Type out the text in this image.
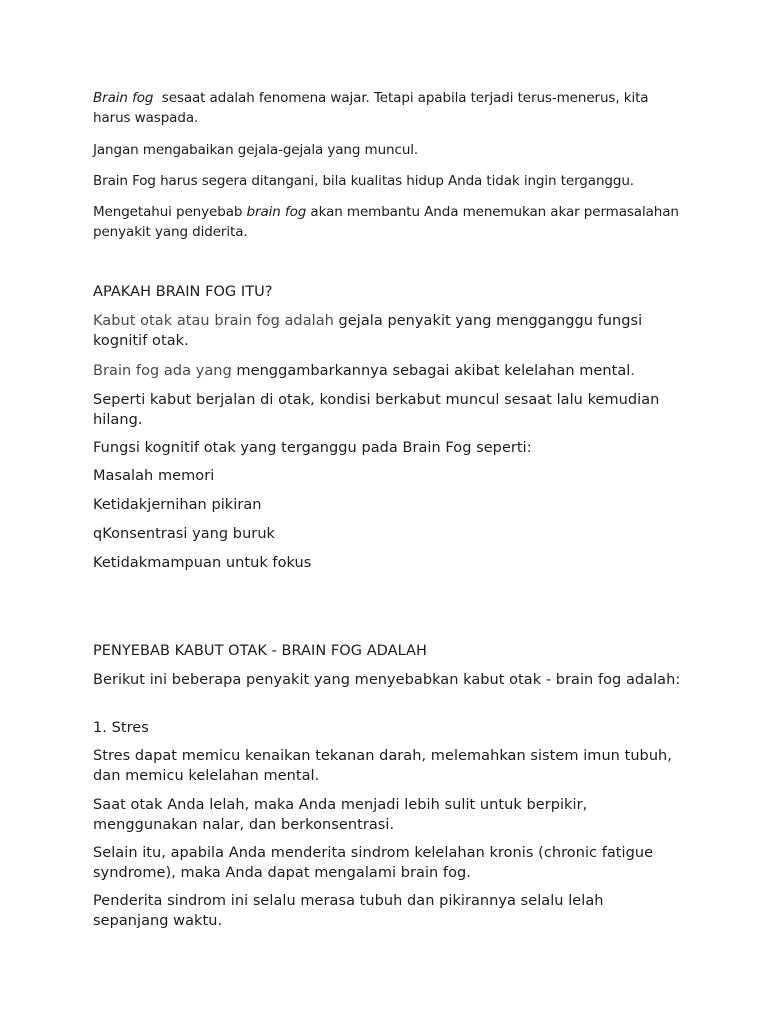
Brain fog  sesaat adalah fenomena wajar. Tetapi apabila terjadi terus-menerus, kita harus waspada.

Jangan mengabaikan gejala-gejala yang muncul.

Brain Fog harus segera ditangani, bila kualitas hidup Anda tidak ingin terganggu.

Mengetahui penyebab brain fog akan membantu Anda menemukan akar permasalahan penyakit yang diderita.

APAKAH BRAIN FOG ITU?

Kabut otak atau brain fog adalah gejala penyakit yang mengganggu fungsi kognitif otak.

Brain fog ada yang menggambarkannya sebagai akibat kelelahan mental.

Seperti kabut berjalan di otak, kondisi berkabut muncul sesaat lalu kemudian hilang.

Fungsi kognitif otak yang terganggu pada Brain Fog seperti:

Masalah memori

Ketidakjernihan pikiran

qKonsentrasi yang buruk

Ketidakmampuan untuk fokus

PENYEBAB KABUT OTAK - BRAIN FOG ADALAH

Berikut ini beberapa penyakit yang menyebabkan kabut otak - brain fog adalah:

1. Stres

Stres dapat memicu kenaikan tekanan darah, melemahkan sistem imun tubuh, dan memicu kelelahan mental.

Saat otak Anda lelah, maka Anda menjadi lebih sulit untuk berpikir, menggunakan nalar, dan berkonsentrasi.

Selain itu, apabila Anda menderita sindrom kelelahan kronis (chronic fatigue syndrome), maka Anda dapat mengalami brain fog.

Penderita sindrom ini selalu merasa tubuh dan pikirannya selalu lelah sepanjang waktu.
